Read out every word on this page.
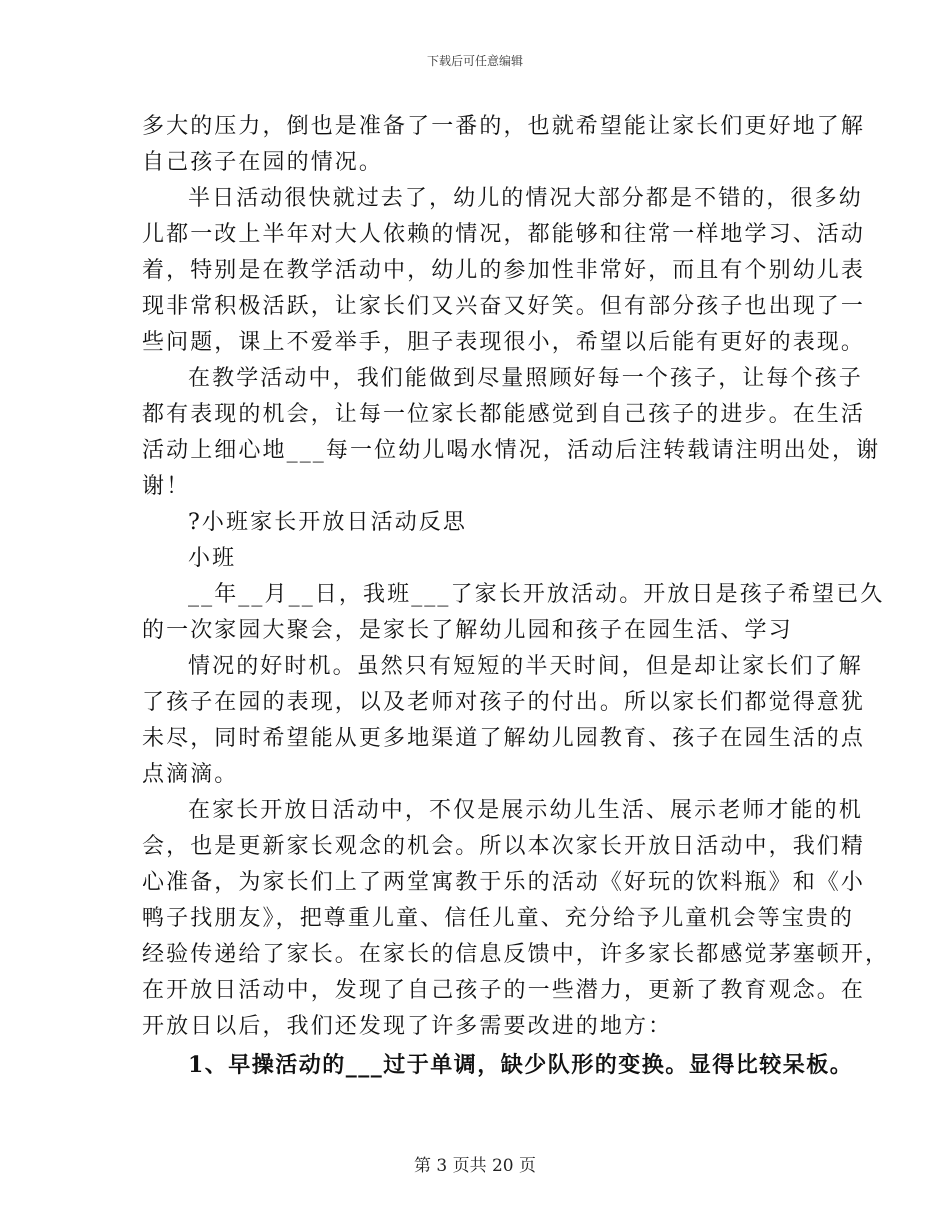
下载后可任意编辑
多大的压力，倒也是准备了一番的，也就希望能让家长们更好地了解
自己孩子在园的情况。
半日活动很快就过去了，幼儿的情况大部分都是不错的，很多幼
儿都一改上半年对大人依赖的情况，都能够和往常一样地学习、活动
着，特别是在教学活动中，幼儿的参加性非常好，而且有个别幼儿表
现非常积极活跃，让家长们又兴奋又好笑。但有部分孩子也出现了一
些问题，课上不爱举手，胆子表现很小，希望以后能有更好的表现。
在教学活动中，我们能做到尽量照顾好每一个孩子，让每个孩子
都有表现的机会，让每一位家长都能感觉到自己孩子的进步。在生活
活动上细心地___每一位幼儿喝水情况，活动后注转载请注明出处，谢
谢！
?小班家长开放日活动反思
小班
__年__月__日，我班___了家长开放活动。开放日是孩子希望已久
的一次家园大聚会，是家长了解幼儿园和孩子在园生活、学习
情况的好时机。虽然只有短短的半天时间，但是却让家长们了解
了孩子在园的表现，以及老师对孩子的付出。所以家长们都觉得意犹
未尽，同时希望能从更多地渠道了解幼儿园教育、孩子在园生活的点
点滴滴。
在家长开放日活动中，不仅是展示幼儿生活、展示老师才能的机
会，也是更新家长观念的机会。所以本次家长开放日活动中，我们精
心准备，为家长们上了两堂寓教于乐的活动《好玩的饮料瓶》和《小
鸭子找朋友》，把尊重儿童、信任儿童、充分给予儿童机会等宝贵的
经验传递给了家长。在家长的信息反馈中，许多家长都感觉茅塞顿开，
在开放日活动中，发现了自己孩子的一些潜力，更新了教育观念。在
开放日以后，我们还发现了许多需要改进的地方：
1、早操活动的___过于单调，缺少队形的变换。显得比较呆板。
第 3 页共 20 页
